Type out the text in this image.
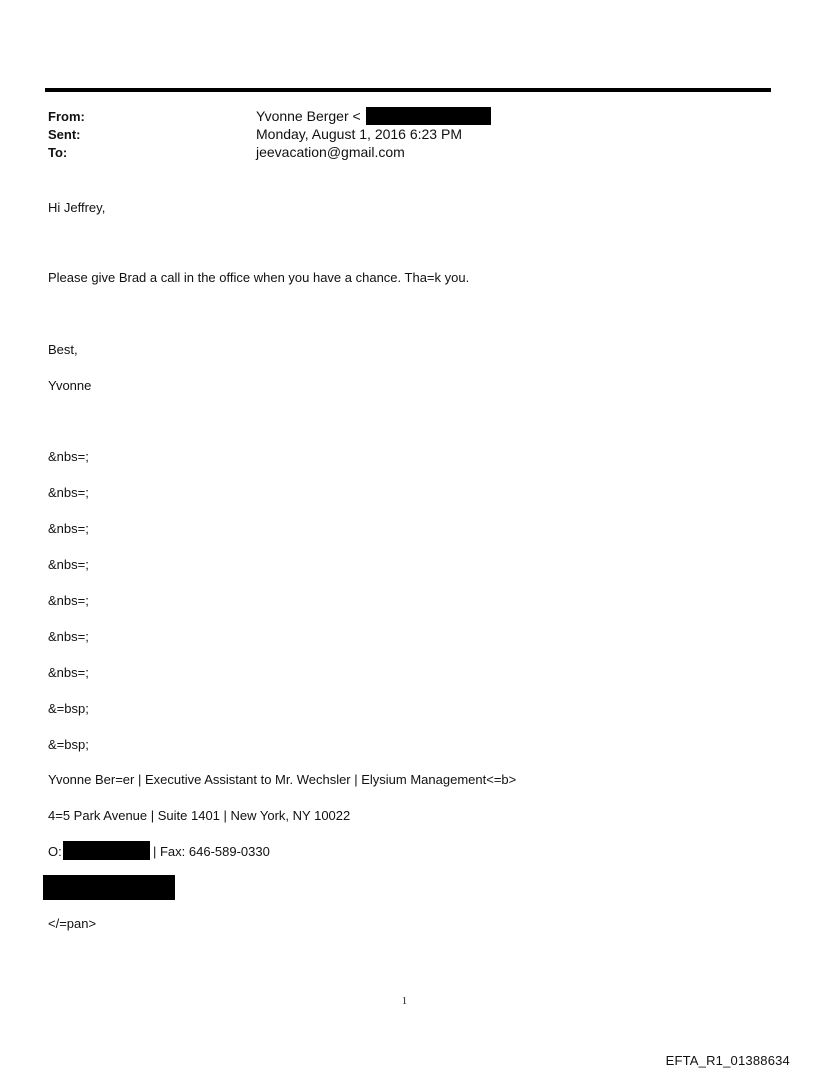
From:	Yvonne Berger <
Sent:	Monday, August 1, 2016 6:23 PM
To:	jeevacation@gmail.com
Hi Jeffrey,
Please give Brad a call in the office when you have a chance. Tha=k you.
Best,
Yvonne
&nbs=;
&nbs=;
&nbs=;
&nbs=;
&nbs=;
&nbs=;
&nbs=;
&=bsp;
&=bsp;
Yvonne Ber=er | Executive Assistant to Mr. Wechsler | Elysium Management<=b>
4=5 Park Avenue | Suite 1401 | New York, NY 10022
O:	| Fax: 646-589-0330
</=pan>
1
EFTA_R1_01388634
